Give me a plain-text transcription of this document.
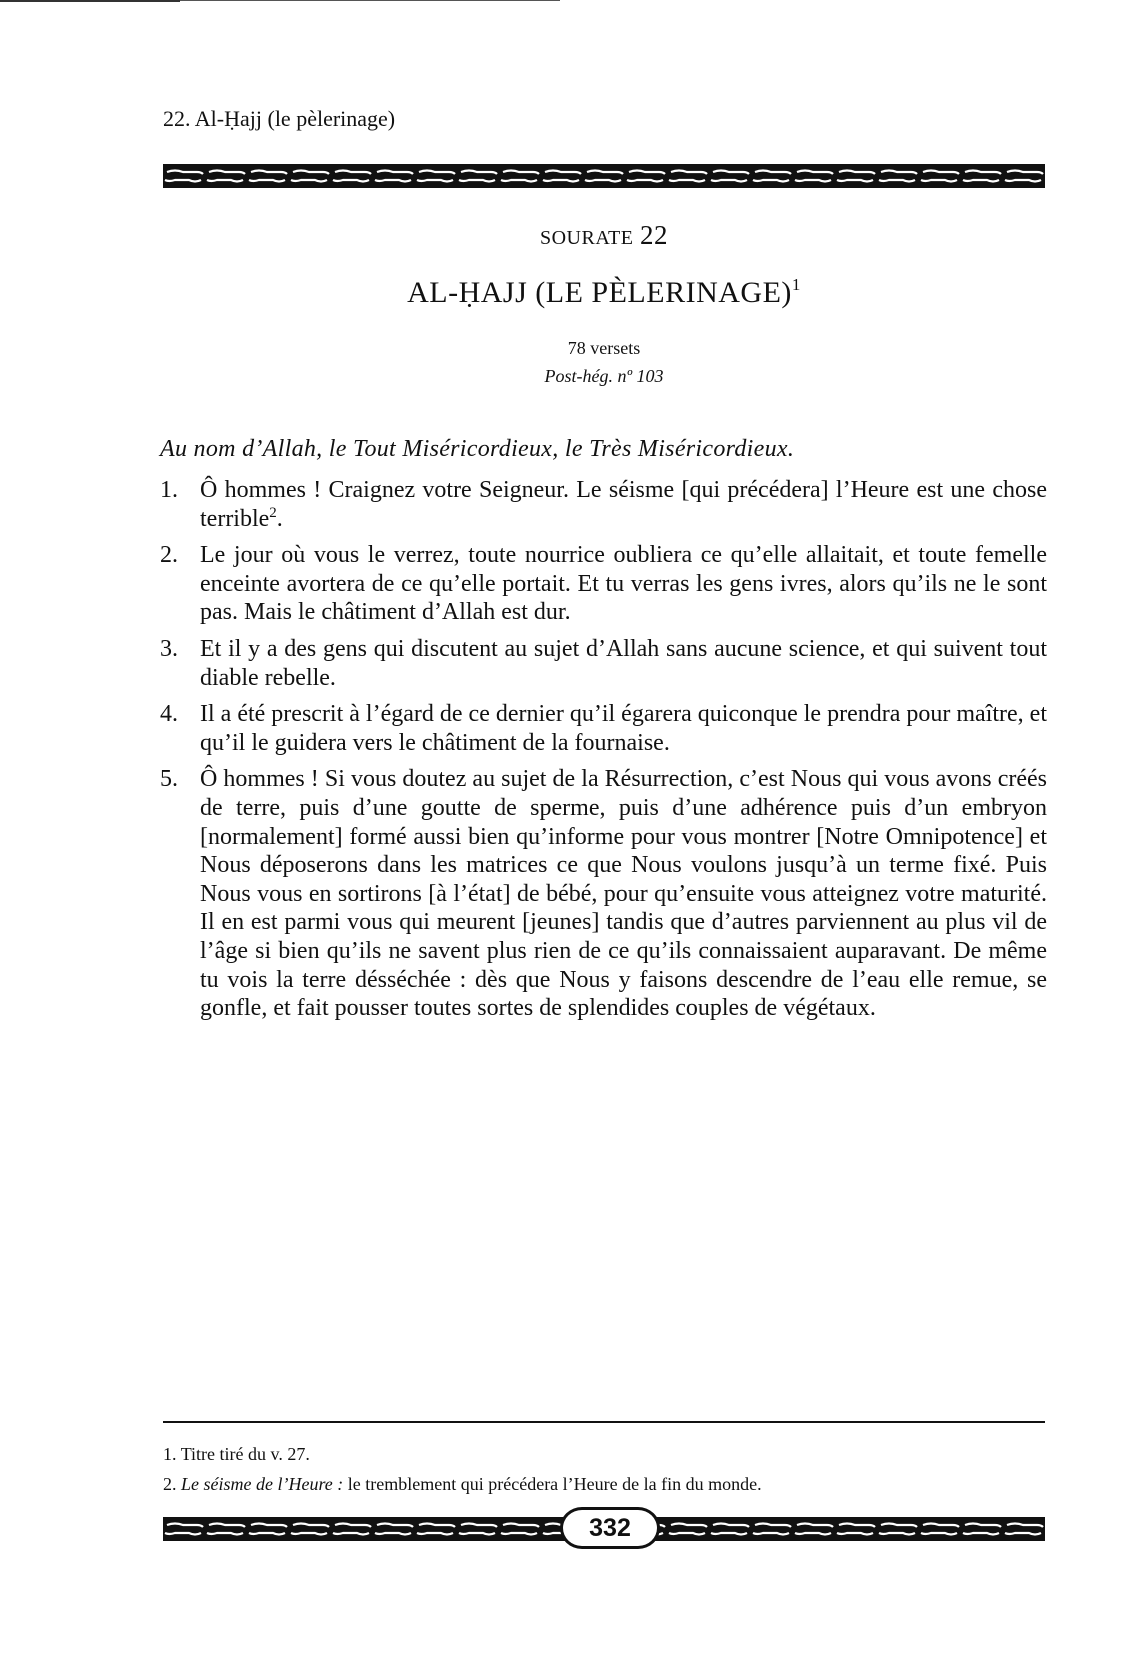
22. Al-Ḥajj (le pèlerinage)
SOURATE 22
AL-ḤAJJ (LE PÈLERINAGE)$^1$
78 versets
Post-hég. nº 103
Au nom d’Allah, le Tout Miséricordieux, le Très Miséricordieux.
1. Ô hommes ! Craignez votre Seigneur. Le séisme [qui précédera] l’Heure est une chose terrible$^2$.
2. Le jour où vous le verrez, toute nourrice oubliera ce qu’elle allaitait, et toute femelle enceinte avortera de ce qu’elle portait. Et tu verras les gens ivres, alors qu’ils ne le sont pas. Mais le châtiment d’Allah est dur.
3. Et il y a des gens qui discutent au sujet d’Allah sans aucune science, et qui suivent tout diable rebelle.
4. Il a été prescrit à l’égard de ce dernier qu’il égarera quiconque le prendra pour maître, et qu’il le guidera vers le châtiment de la fournaise.
5. Ô hommes ! Si vous doutez au sujet de la Résurrection, c’est Nous qui vous avons créés de terre, puis d’une goutte de sperme, puis d’une adhérence puis d’un embryon [normalement] formé aussi bien qu’informe pour vous montrer [Notre Omnipotence] et Nous déposerons dans les matrices ce que Nous voulons jusqu’à un terme fixé. Puis Nous vous en sortirons [à l’état] de bébé, pour qu’ensuite vous atteignez votre maturité. Il en est parmi vous qui meurent [jeunes] tandis que d’autres parviennent au plus vil de l’âge si bien qu’ils ne savent plus rien de ce qu’ils connaissaient auparavant. De même tu vois la terre désséchée : dès que Nous y faisons descendre de l’eau elle remue, se gonfle, et fait pousser toutes sortes de splendides couples de végétaux.
1. Titre tiré du v. 27.
2. Le séisme de l’Heure : le tremblement qui précédera l’Heure de la fin du monde.
332
